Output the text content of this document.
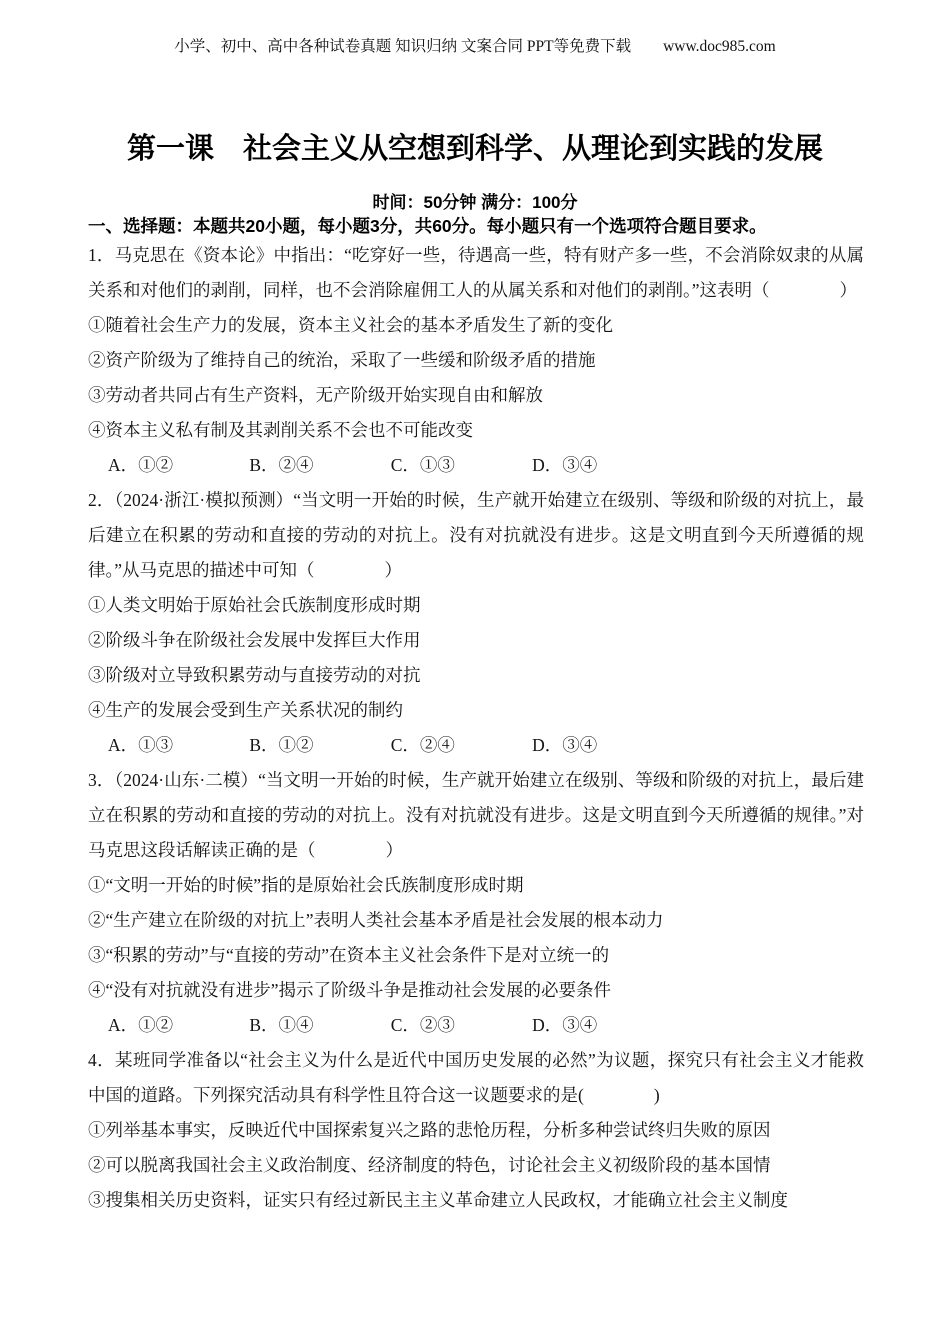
小学、初中、高中各种试卷真题 知识归纳 文案合同 PPT等免费下载 www.doc985.com
第一课　社会主义从空想到科学、从理论到实践的发展
时间：50分钟 满分：100分
一、选择题：本题共20小题，每小题3分，共60分。每小题只有一个选项符合题目要求。
1．马克思在《资本论》中指出：“吃穿好一些，待遇高一些，特有财产多一些，不会消除奴隶的从属关系和对他们的剥削，同样，也不会消除雇佣工人的从属关系和对他们的剥削。”这表明（　　　　）
①随着社会生产力的发展，资本主义社会的基本矛盾发生了新的变化
②资产阶级为了维持自己的统治，采取了一些缓和阶级矛盾的措施
③劳动者共同占有生产资料，无产阶级开始实现自由和解放
④资本主义私有制及其剥削关系不会也不可能改变
A．①②	B．②④	C．①③	D．③④
2．（2024·浙江·模拟预测）“当文明一开始的时候，生产就开始建立在级别、等级和阶级的对抗上，最后建立在积累的劳动和直接的劳动的对抗上。没有对抗就没有进步。这是文明直到今天所遵循的规律。”从马克思的描述中可知（　　　　）
①人类文明始于原始社会氏族制度形成时期
②阶级斗争在阶级社会发展中发挥巨大作用
③阶级对立导致积累劳动与直接劳动的对抗
④生产的发展会受到生产关系状况的制约
A．①③	B．①②	C．②④	D．③④
3．（2024·山东·二模）“当文明一开始的时候，生产就开始建立在级别、等级和阶级的对抗上，最后建立在积累的劳动和直接的劳动的对抗上。没有对抗就没有进步。这是文明直到今天所遵循的规律。”对马克思这段话解读正确的是（　　　　）
①“文明一开始的时候”指的是原始社会氏族制度形成时期
②“生产建立在阶级的对抗上”表明人类社会基本矛盾是社会发展的根本动力
③“积累的劳动”与“直接的劳动”在资本主义社会条件下是对立统一的
④“没有对抗就没有进步”揭示了阶级斗争是推动社会发展的必要条件
A．①②	B．①④	C．②③	D．③④
4．某班同学准备以“社会主义为什么是近代中国历史发展的必然”为议题，探究只有社会主义才能救中国的道路。下列探究活动具有科学性且符合这一议题要求的是(　　　　)
①列举基本事实，反映近代中国探索复兴之路的悲怆历程，分析多种尝试终归失败的原因
②可以脱离我国社会主义政治制度、经济制度的特色，讨论社会主义初级阶段的基本国情
③搜集相关历史资料，证实只有经过新民主主义革命建立人民政权，才能确立社会主义制度
